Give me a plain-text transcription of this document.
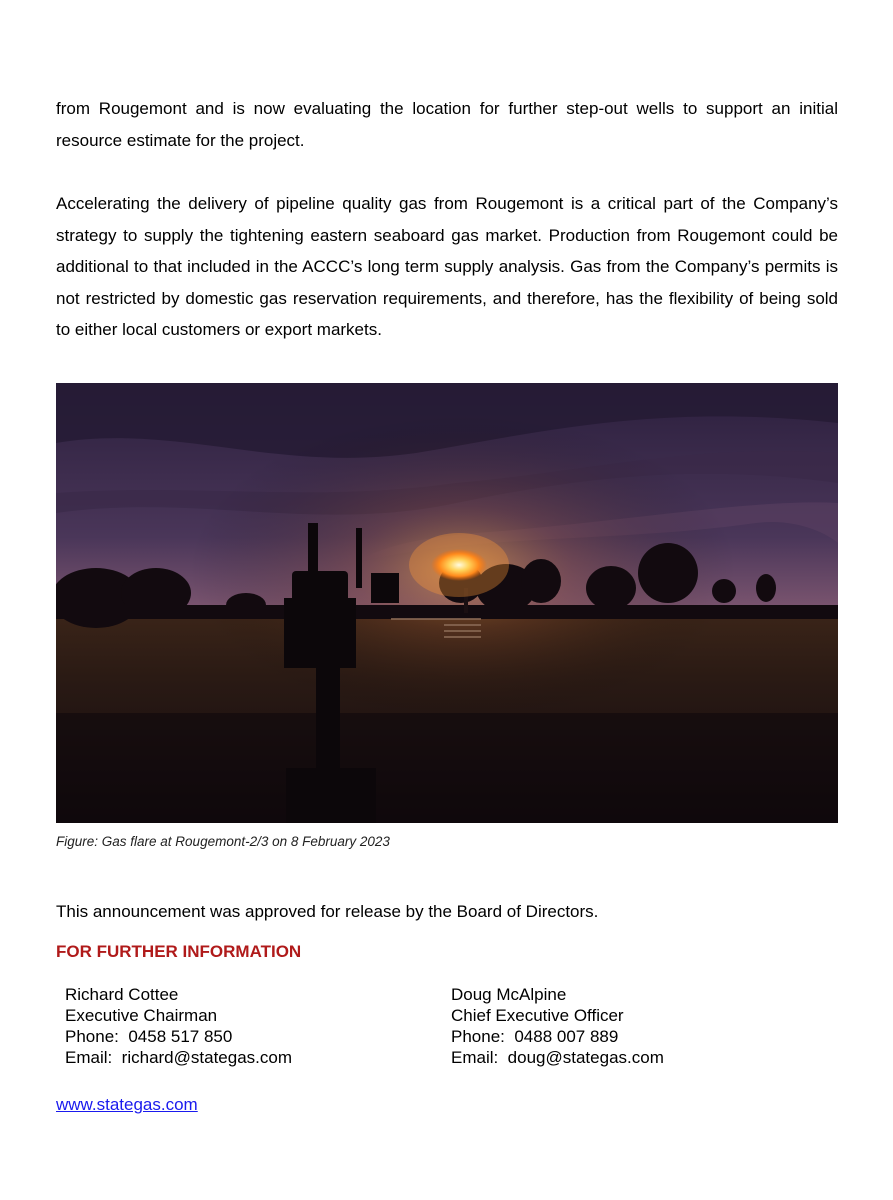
from Rougemont and is now evaluating the location for further step-out wells to support an initial resource estimate for the project.

Accelerating the delivery of pipeline quality gas from Rougemont is a critical part of the Company’s strategy to supply the tightening eastern seaboard gas market. Production from Rougemont could be additional to that included in the ACCC’s long term supply analysis. Gas from the Company’s permits is not restricted by domestic gas reservation requirements, and therefore, has the flexibility of being sold to either local customers or export markets.

Figure: Gas flare at Rougemont-2/3 on 8 February 2023
This announcement was approved for release by the Board of Directors.
FOR FURTHER INFORMATION
Richard Cottee
Executive Chairman
Phone:  0458 517 850
Email:  richard@stategas.com
Doug McAlpine
Chief Executive Officer
Phone:  0488 007 889
Email:  doug@stategas.com
www.stategas.com
